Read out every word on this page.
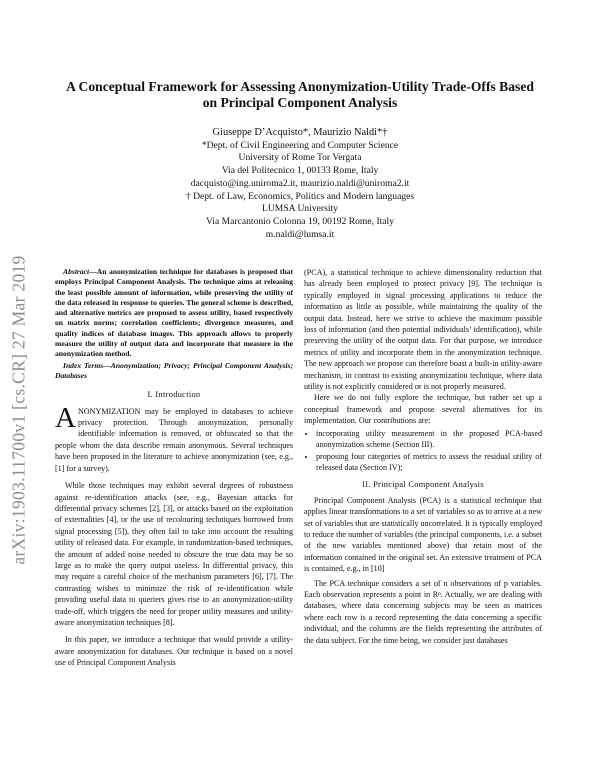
arXiv:1903.11700v1 [cs.CR] 27 Mar 2019
A Conceptual Framework for Assessing Anonymization-Utility Trade-Offs Based
on Principal Component Analysis
Giuseppe D’Acquisto*, Maurizio Naldi*†
*Dept. of Civil Engineering and Computer Science
University of Rome Tor Vergata
Via del Politecnico 1, 00133 Rome, Italy
dacquisto@ing.uniroma2.it, maurizio.naldi@uniroma2.it
† Dept. of Law, Economics, Politics and Modern languages
LUMSA University
Via Marcantonio Colonna 19, 00192 Rome, Italy
m.naldi@lumsa.it

Abstract—An anonymization technique for databases is proposed that employs Principal Component Analysis. The technique aims at releasing the least possible amount of information, while preserving the utility of the data released in response to queries. The general scheme is described, and alternative metrics are proposed to assess utility, based respectively on matrix norms; correlation coefficients; divergence measures, and quality indices of database images. This approach allows to properly measure the utility of output data and incorporate that measure in the anonymization method.

Index Terms—Anonymization; Privacy; Principal Component Analysis; Databases

I. Introduction

ANONYMIZATION may be employed in databases to achieve privacy protection. Through anonymization, personally identifiable information is removed, or obfuscated so that the people whom the data describe remain anonymous. Several techniques have been proposed in the literature to achieve anonymization (see, e.g., [1] for a survey).

While those techniques may exhibit several degrees of robustness against re-identification attacks (see, e.g., Bayesian attacks for differential privacy schemes [2], [3], or attacks based on the exploitation of externalities [4], or the use of recolouring techniques borrowed from signal processing [5]), they often fail to take into account the resulting utility of released data. For example, in randomization-based techniques, the amount of added noise needed to obscure the true data may be so large as to make the query output useless. In differential privacy, this may require a careful choice of the mechanism parameters [6], [7]. The contrasting wishes to minimize the risk of re-identification while providing useful data to queriers gives rise to an anonymization-utility trade-off, which triggers the need for proper utility measures and utility-aware anonymization techniques [8].

In this paper, we introduce a technique that would provide a utility-aware anonymization for databases. Our technique is based on a novel use of Principal Component Analysis

(PCA), a statistical technique to achieve dimensionality reduction that has already been employed to protect privacy [9]. The technique is typically employed in signal processing applications to reduce the information as little as possible, while maintaining the quality of the output data. Instead, here we strive to achieve the maximum possible loss of information (and then potential individuals’ identification), while preserving the utility of the output data. For that purpose, we introduce metrics of utility and incorporate them in the anonymization technique. The new approach we propose can therefore boast a built-in utility-aware mechanism, in contrast to existing anonymization technique, where data utility is not explicitly considered or is not properly measured.

Here we do not fully explore the technique, but rather set up a conceptual framework and propose several alternatives for its implementation. Our contributions are:

• incorporating utility measurement in the proposed PCA-based anonymization scheme (Section III).
• proposing four categories of metrics to assess the residual utility of released data (Section IV);
II. Principal Component Analysis

Principal Component Analysis (PCA) is a statistical technique that applies linear transformations to a set of variables so as to arrive at a new set of variables that are statistically uncorrelated. It is typically employed to reduce the number of variables (the principal components, i.e. a subset of the new variables mentioned above) that retain most of the information contained in the original set. An extensive treatment of PCA is contained, e.g., in [10]

The PCA technique considers a set of n observations of p variables. Each observation represents a point in Rᵖ. Actually, we are dealing with databases, where data concerning subjects may be seen as matrices where each row is a record representing the data concerning a specific individual, and the columns are the fields representing the attributes of the data subject. For the time being, we consider just databases
